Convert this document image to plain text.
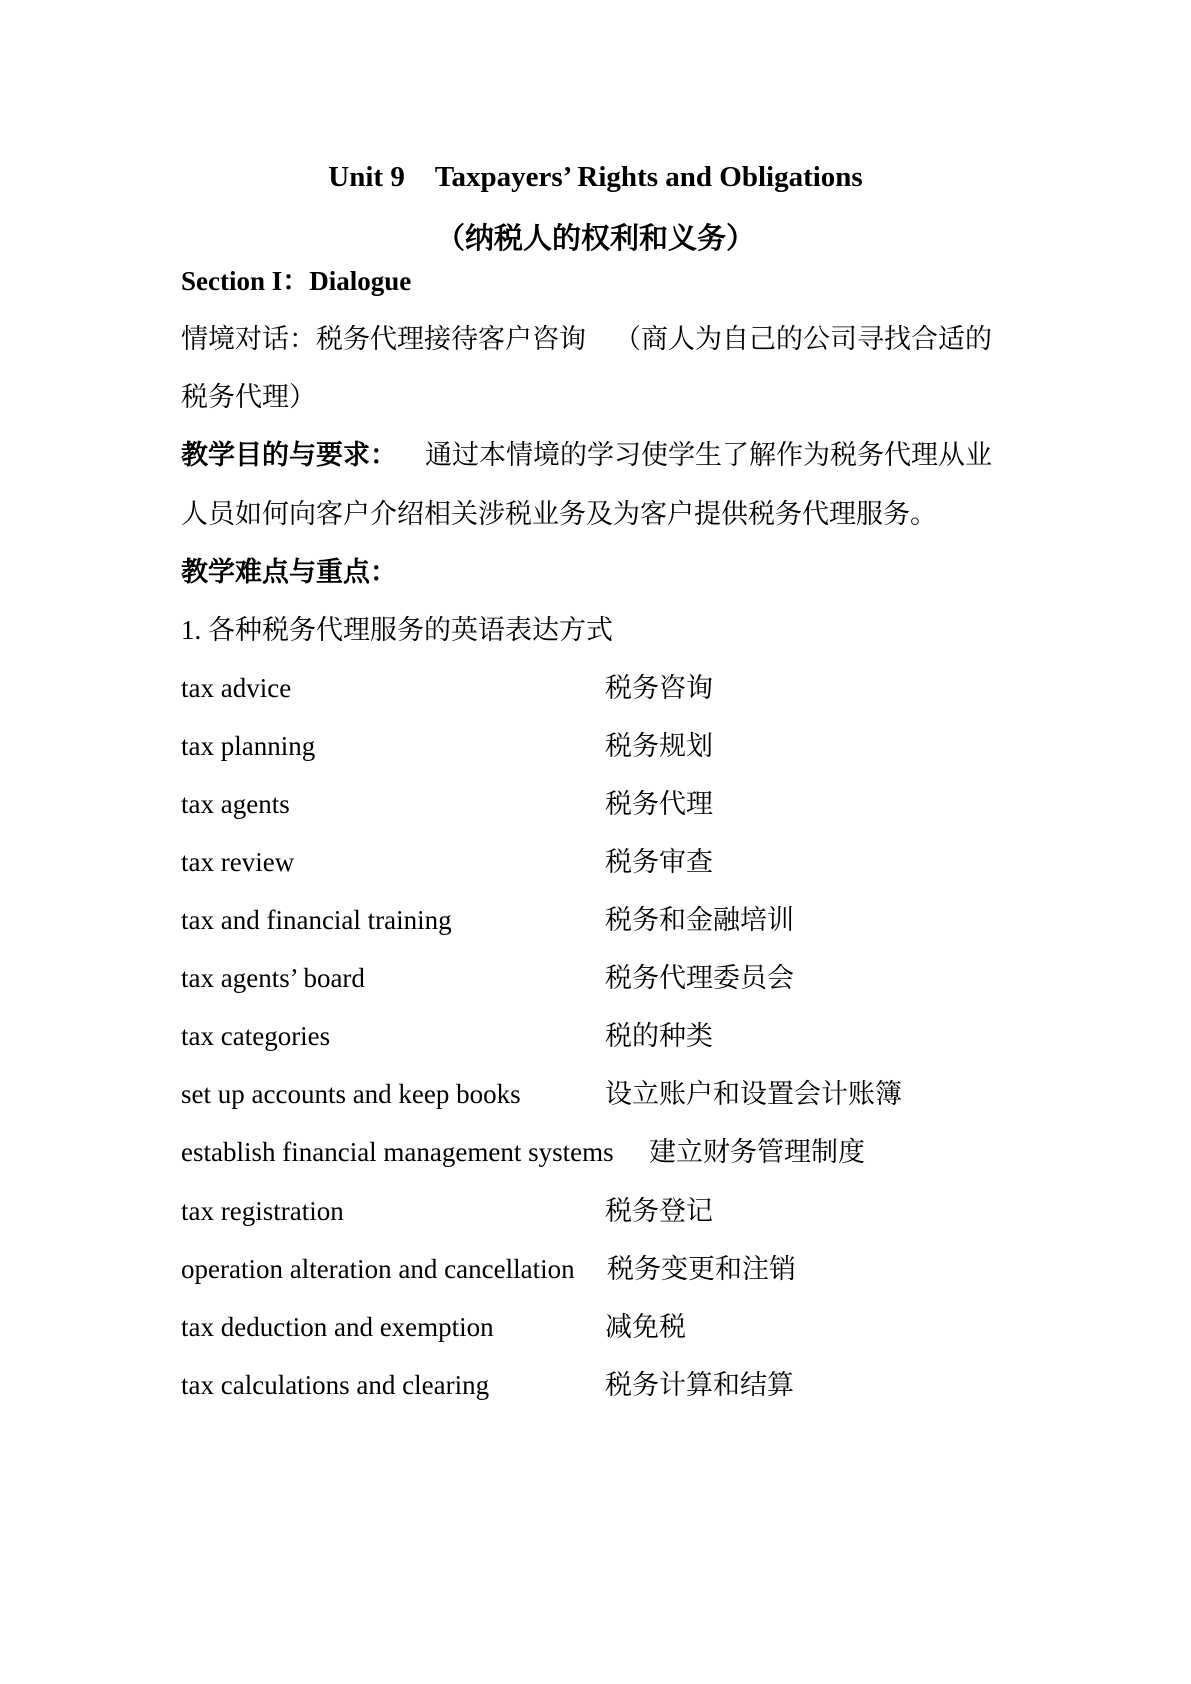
Unit 9 Taxpayers’ Rights and Obligations
（纳税人的权利和义务）
Section I：Dialogue
情境对话：税务代理接待客户咨询 （商人为自己的公司寻找合适的
税务代理）
教学目的与要求： 通过本情境的学习使学生了解作为税务代理从业
人员如何向客户介绍相关涉税业务及为客户提供税务代理服务。
教学难点与重点：
1. 各种税务代理服务的英语表达方式
tax advice	税务咨询
tax planning	税务规划
tax agents	税务代理
tax review	税务审查
tax and financial training	税务和金融培训
tax agents’ board	税务代理委员会
tax categories	税的种类
set up accounts and keep books	设立账户和设置会计账簿
establish financial management systems 建立财务管理制度
tax registration	税务登记
operation alteration and cancellation 税务变更和注销
tax deduction and exemption	减免税
tax calculations and clearing	税务计算和结算
